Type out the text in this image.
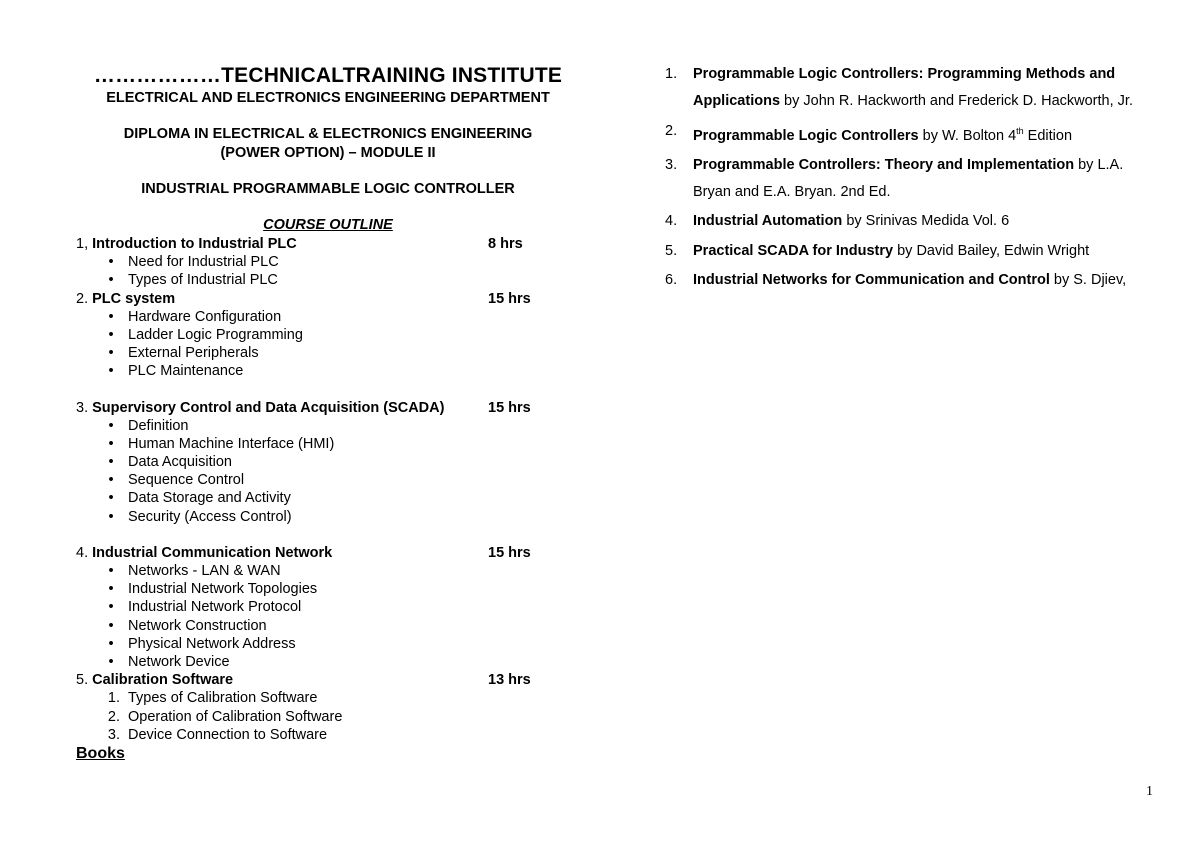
………………TECHNICALTRAINING INSTITUTE
ELECTRICAL AND ELECTRONICS ENGINEERING DEPARTMENT
DIPLOMA IN ELECTRICAL & ELECTRONICS ENGINEERING
(POWER OPTION) – MODULE II
INDUSTRIAL PROGRAMMABLE LOGIC CONTROLLER
COURSE OUTLINE
1, Introduction to Industrial PLC	8 hrs
• Need for Industrial PLC
• Types of Industrial PLC
2. PLC system	15 hrs
• Hardware Configuration
• Ladder Logic Programming
• External Peripherals
• PLC Maintenance
3. Supervisory Control and Data Acquisition (SCADA)	15 hrs
• Definition
• Human Machine Interface (HMI)
• Data Acquisition
• Sequence Control
• Data Storage and Activity
• Security (Access Control)
4. Industrial Communication Network	15 hrs
• Networks - LAN & WAN
• Industrial Network Topologies
• Industrial Network Protocol
• Network Construction
• Physical Network Address
• Network Device
5. Calibration Software	13 hrs
1. Types of Calibration Software
2. Operation of Calibration Software
3. Device Connection to Software
Books
1. Programmable Logic Controllers: Programming Methods and Applications by John R. Hackworth and Frederick D. Hackworth, Jr.
2. Programmable Logic Controllers by W. Bolton 4th Edition
3. Programmable Controllers: Theory and Implementation by L.A. Bryan and E.A. Bryan. 2nd Ed.
4. Industrial Automation by Srinivas Medida Vol. 6
5. Practical SCADA for Industry by David Bailey, Edwin Wright
6. Industrial Networks for Communication and Control by S. Djiev,
1
